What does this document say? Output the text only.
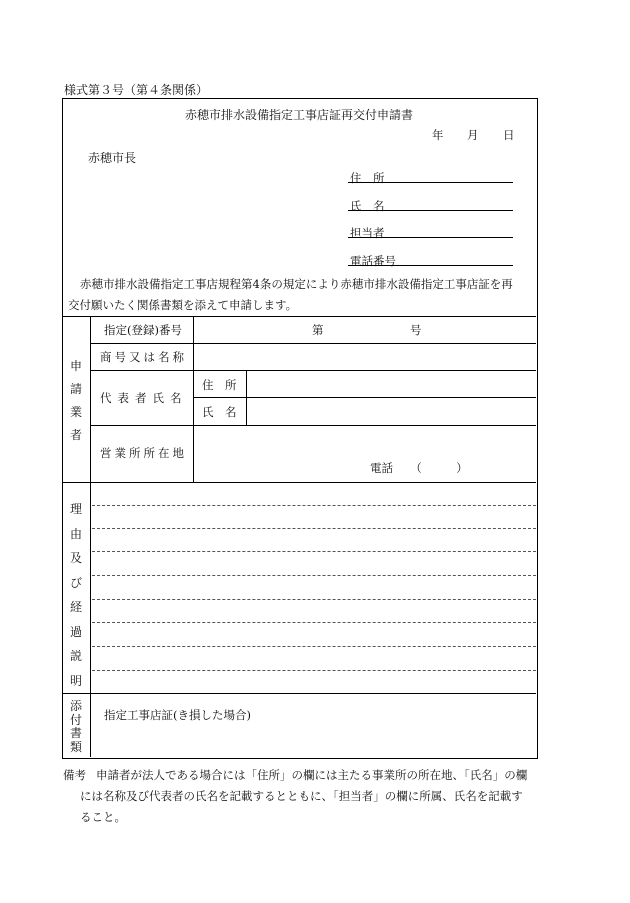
様式第３号（第４条関係）
赤穂市排水設備指定工事店証再交付申請書
年 月 日
赤穂市長
住　所
氏　名
担当者
電話番号
赤穂市排水設備指定工事店規程第4条の規定により赤穂市排水設備指定工事店証を再
交付願いたく関係書類を添えて申請します。
申
請
業
者
指定(登録)番号	第	号
商号又は名称
代表者氏名
住　所
氏　名
営業所所在地
電話　　（　　　）
理
由
及
び
経
過
説
明
添
付
書
類
指定工事店証(き損した場合)
備考 申請者が法人である場合には「住所」の欄には主たる事業所の所在地、「氏名」の欄
には名称及び代表者の氏名を記載するとともに、「担当者」の欄に所属、氏名を記載す
ること。
